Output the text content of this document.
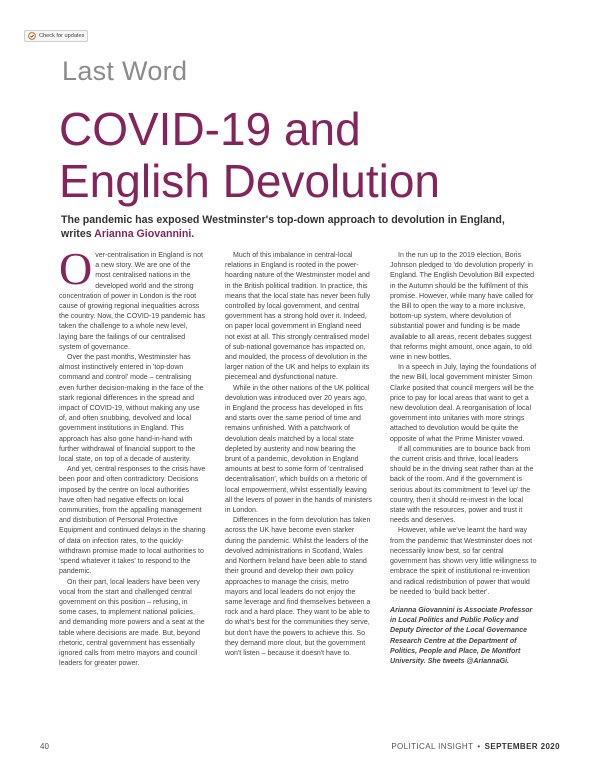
Check for updates
Last Word
COVID-19 and
English Devolution
The pandemic has exposed Westminster's top-down approach to devolution in England, writes Arianna Giovannini.

Over-centralisation in England is not a new story. We are one of the most centralised nations in the developed world and the strong concentration of power in London is the root cause of growing regional inequalities across the country. Now, the COVID-19 pandemic has taken the challenge to a whole new level, laying bare the failings of our centralised system of governance.

Over the past months, Westminster has almost instinctively entered in 'top-down command and control' mode – centralising even further decision-making in the face of the stark regional differences in the spread and impact of COVID-19, without making any use of, and often snubbing, devolved and local government institutions in England. This approach has also gone hand-in-hand with further withdrawal of financial support to the local state, on top of a decade of austerity.

And yet, central responses to the crisis have been poor and often contradictory. Decisions imposed by the centre on local authorities have often had negative effects on local communities, from the appalling management and distribution of Personal Protective Equipment and continued delays in the sharing of data on infection rates, to the quickly-withdrawn promise made to local authorities to 'spend whatever it takes' to respond to the pandemic.

On their part, local leaders have been very vocal from the start and challenged central government on this position – refusing, in some cases, to implement national policies, and demanding more powers and a seat at the table where decisions are made. But, beyond rhetoric, central government has essentially ignored calls from metro mayors and council leaders for greater power.

Much of this imbalance in central-local relations in England is rooted in the power-hoarding nature of the Westminster model and in the British political tradition. In practice, this means that the local state has never been fully controlled by local government, and central government has a strong hold over it. Indeed, on paper local government in England need not exist at all. This strongly centralised model of sub-national governance has impacted on, and moulded, the process of devolution in the larger nation of the UK and helps to explain its piecemeal and dysfunctional nature.

While in the other nations of the UK political devolution was introduced over 20 years ago, in England the process has developed in fits and starts over the same period of time and remains unfinished. With a patchwork of devolution deals matched by a local state depleted by austerity and now bearing the brunt of a pandemic, devolution in England amounts at best to some form of 'centralised decentralisation', which builds on a rhetoric of local empowerment, whilst essentially leaving all the levers of power in the hands of ministers in London.

Differences in the form devolution has taken across the UK have become even starker during the pandemic. Whilst the leaders of the devolved administrations in Scotland, Wales and Northern Ireland have been able to stand their ground and develop their own policy approaches to manage the crisis, metro mayors and local leaders do not enjoy the same leverage and find themselves between a rock and a hard place. They want to be able to do what's best for the communities they serve, but don't have the powers to achieve this. So they demand more clout, but the government won't listen – because it doesn't have to.

In the run up to the 2019 election, Boris Johnson pledged to 'do devolution properly' in England. The English Devolution Bill expected in the Autumn should be the fulfilment of this promise. However, while many have called for the Bill to open the way to a more inclusive, bottom-up system, where devolution of substantial power and funding is be made available to all areas, recent debates suggest that reforms might amount, once again, to old wine in new bottles.

In a speech in July, laying the foundations of the new Bill, local government minister Simon Clarke posited that council mergers will be the price to pay for local areas that want to get a new devolution deal. A reorganisation of local government into unitaries with more strings attached to devolution would be quite the opposite of what the Prime Minister vowed.

If all communities are to bounce back from the current crisis and thrive, local leaders should be in the driving seat rather than at the back of the room. And if the government is serious about its commitment to 'level up' the country, then it should re-invest in the local state with the resources, power and trust it needs and deserves.

However, while we've learnt the hard way from the pandemic that Westminster does not necessarily know best, so far central government has shown very little willingness to embrace the spirit of institutional re-invention and radical redistribution of power that would be needed to 'build back better'.

Arianna Giovannini is Associate Professor in Local Politics and Public Policy and Deputy Director of the Local Governance Research Centre at the Department of Politics, People and Place, De Montfort University. She tweets @AriannaGi.

40	POLITICAL INSIGHT • SEPTEMBER 2020
